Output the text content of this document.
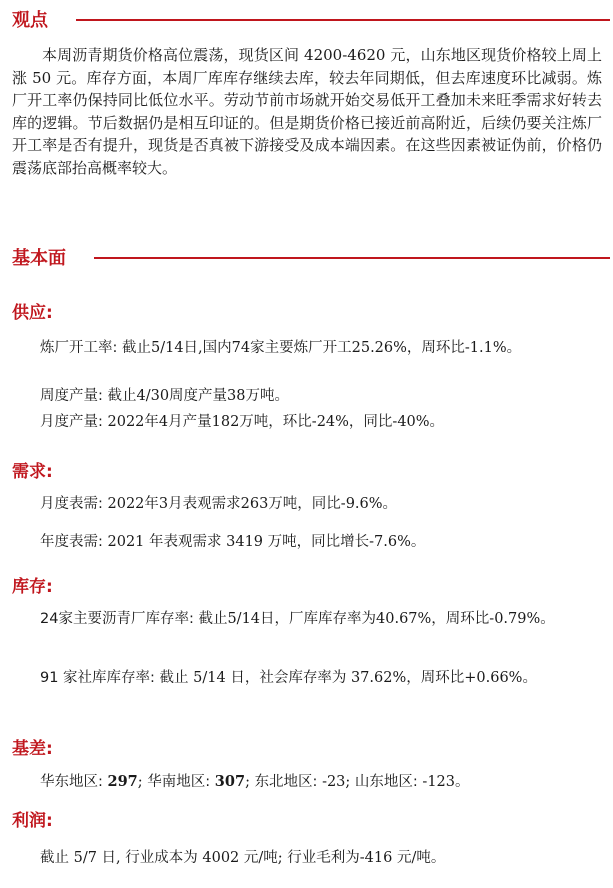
观点

本周沥青期货价格高位震荡，现货区间 4200-4620 元，山东地区现货价格较上周上涨 50 元。库存方面，本周厂库库存继续去库，较去年同期低，但去库速度环比减弱。炼厂开工率仍保持同比低位水平。劳动节前市场就开始交易低开工叠加未来旺季需求好转去库的逻辑。节后数据仍是相互印证的。但是期货价格已接近前高附近，后续仍要关注炼厂开工率是否有提升，现货是否真被下游接受及成本端因素。在这些因素被证伪前，价格仍震荡底部抬高概率较大。

基本面
供应:

炼厂开工率: 截止5/14日,国内74家主要炼厂开工25.26%，周环比-1.1%。

周度产量: 截止4/30周度产量38万吨。

月度产量: 2022年4月产量182万吨，环比-24%，同比-40%。

需求:

月度表需: 2022年3月表观需求263万吨，同比-9.6%。

年度表需: 2021 年表观需求 3419 万吨，同比增长-7.6%。

库存:

24家主要沥青厂库存率: 截止5/14日，厂库库存率为40.67%，周环比-0.79%。

91 家社库库存率: 截止 5/14 日，社会库存率为 37.62%，周环比+0.66%。

基差:

华东地区: 297; 华南地区: 307; 东北地区: -23; 山东地区: -123。

利润:

截止 5/7 日, 行业成本为 4002 元/吨; 行业毛利为-416 元/吨。
